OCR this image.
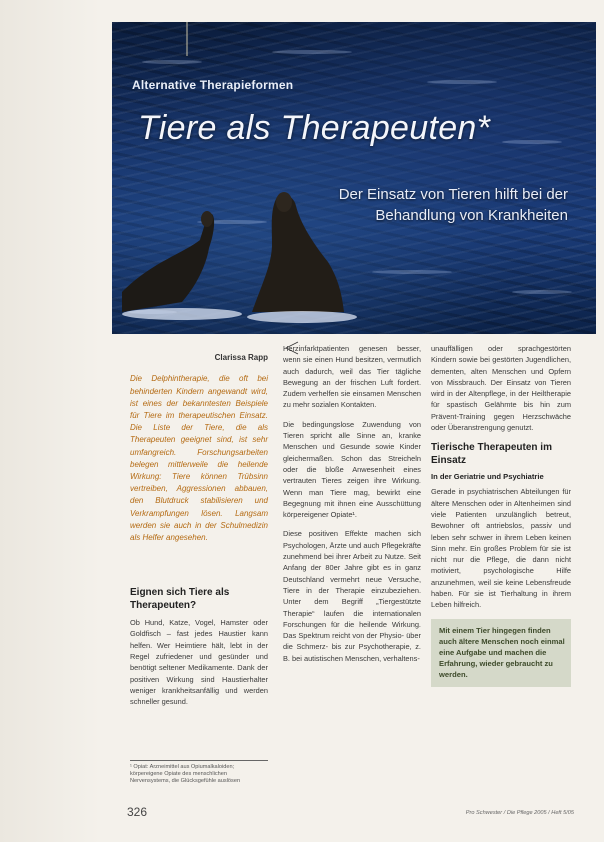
Alternative Therapieformen
Tiere als Therapeuten*
Der Einsatz von Tieren hilft bei der Behandlung von Krankheiten
Clarissa Rapp

Die Delphintherapie, die oft bei behinderten Kindern angewandt wird, ist eines der bekanntesten Beispiele für Tiere im therapeutischen Einsatz. Die Liste der Tiere, die als Therapeuten geeignet sind, ist sehr umfangreich. Forschungsarbeiten belegen mittlerweile die heilende Wirkung: Tiere können Trübsinn vertreiben, Aggressionen abbauen, den Blutdruck stabilisieren und Verkrampfungen lösen. Langsam werden sie auch in der Schulmedizin als Helfer angesehen.

Eignen sich Tiere als Therapeuten?

Ob Hund, Katze, Vogel, Hamster oder Goldfisch – fast jedes Haustier kann helfen. Wer Heimtiere hält, lebt in der Regel zufriedener und gesünder und benötigt seltener Medikamente. Dank der positiven Wirkung sind Haustierhalter weniger krankheitsanfällig und werden schneller gesund.

¹ Opiat: Arzneimittel aus Opiumalkaloiden; körpereigene Opiate des menschlichen Nervensystems, die Glücksgefühle auslösen

Herzinfarktpatienten genesen besser, wenn sie einen Hund besitzen, vermutlich auch dadurch, weil das Tier tägliche Bewegung an der frischen Luft fordert. Zudem verhelfen sie einsamen Menschen zu mehr sozialen Kontakten.

Die bedingungslose Zuwendung von Tieren spricht alle Sinne an, kranke Menschen und Gesunde sowie Kinder gleichermaßen. Schon das Streicheln oder die bloße Anwesenheit eines vertrauten Tieres zeigen ihre Wirkung. Wenn man Tiere mag, bewirkt eine Begegnung mit ihnen eine Ausschüttung körpereigener Opiate¹.

Diese positiven Effekte machen sich Psychologen, Ärzte und auch Pflegekräfte zunehmend bei ihrer Arbeit zu Nutze. Seit Anfang der 80er Jahre gibt es in ganz Deutschland vermehrt neue Versuche, Tiere in der Therapie einzubeziehen. Unter dem Begriff „Tiergestützte Therapie“ laufen die internationalen Forschungen für die heilende Wirkung. Das Spektrum reicht von der Physio- über die Schmerz- bis zur Psychotherapie, z. B. bei autistischen Menschen, verhaltens-

unauffälligen oder sprachgestörten Kindern sowie bei gestörten Jugendlichen, dementen, alten Menschen und Opfern von Missbrauch. Der Einsatz von Tieren wird in der Altenpflege, in der Heiltherapie für spastisch Gelähmte bis hin zum Prävent-Training gegen Herzschwäche oder Überanstrengung genutzt.

Tierische Therapeuten im Einsatz
In der Geriatrie und Psychiatrie

Gerade in psychiatrischen Abteilungen für ältere Menschen oder in Altenheimen sind viele Patienten unzulänglich betreut, Bewohner oft antriebslos, passiv und leben sehr schwer in ihrem Leben keinen Sinn mehr. Ein großes Problem für sie ist nicht nur die Pflege, die dann nicht motiviert, psychologische Hilfe anzunehmen, weil sie keine Lebensfreude haben. Für sie ist Tierhaltung in ihrem Leben hilfreich.

Mit einem Tier hingegen finden auch ältere Menschen noch einmal eine Aufgabe und machen die Erfahrung, wieder gebraucht zu werden.
326	Pro Schwester / Die Pflege 2005 / Heft 5/05
